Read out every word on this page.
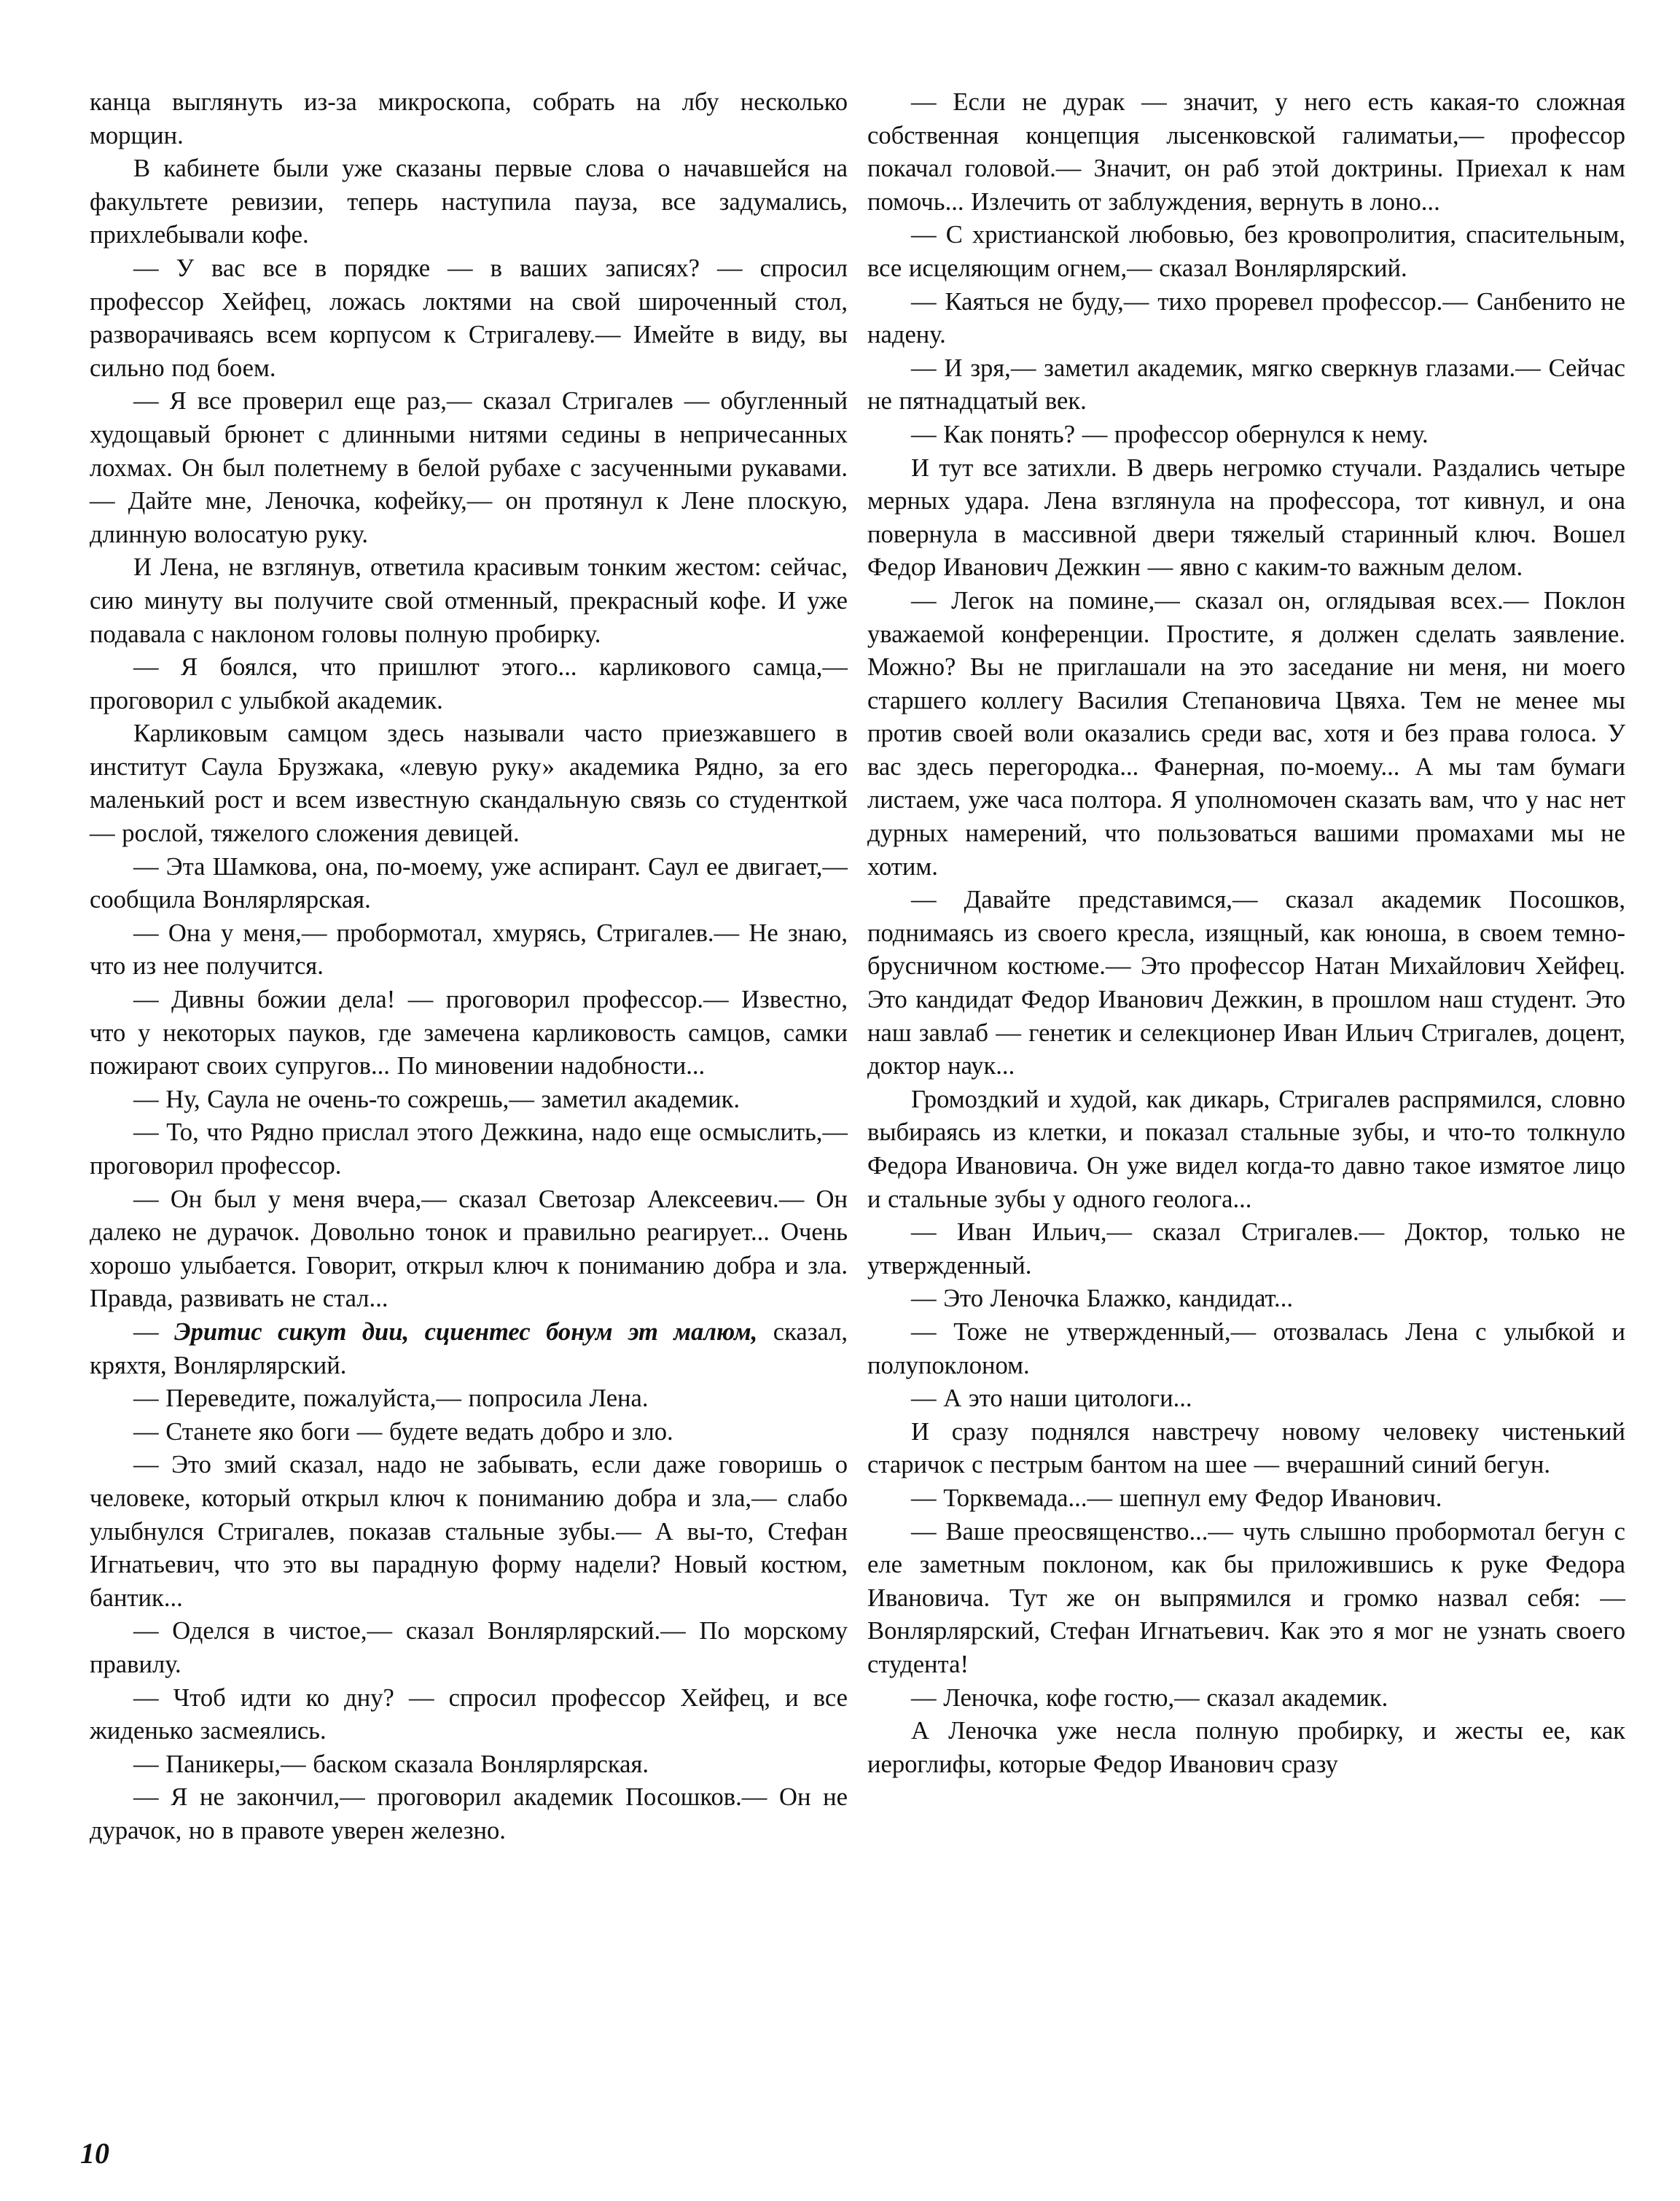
канца выглянуть из-за микроскопа, собрать на лбу несколько морщин.

В кабинете были уже сказаны первые слова о начавшейся на факультете ревизии, теперь наступила пауза, все задумались, прихлебывали кофе.

— У вас все в порядке — в ваших записях? — спросил профессор Хейфец, ложась локтями на свой широченный стол, разворачиваясь всем корпусом к Стригалеву.— Имейте в виду, вы сильно под боем.

— Я все проверил еще раз,— сказал Стригалев — обугленный худощавый брюнет с длинными нитями седины в непричесанных лохмах. Он был полетнему в белой рубахе с засученными рукавами.— Дайте мне, Леночка, кофейку,— он протянул к Лене плоскую, длинную волосатую руку.

И Лена, не взглянув, ответила красивым тонким жестом: сейчас, сию минуту вы получите свой отменный, прекрасный кофе. И уже подавала с наклоном головы полную пробирку.

— Я боялся, что пришлют этого... карликового самца,— проговорил с улыбкой академик.

Карликовым самцом здесь называли часто приезжавшего в институт Саула Брузжака, «левую руку» академика Рядно, за его маленький рост и всем известную скандальную связь со студенткой — рослой, тяжелого сложения девицей.

— Эта Шамкова, она, по-моему, уже аспирант. Саул ее двигает,— сообщила Вонлярлярская.

— Она у меня,— пробормотал, хмурясь, Стригалев.— Не знаю, что из нее получится.

— Дивны божии дела! — проговорил профессор.— Известно, что у некоторых пауков, где замечена карликовость самцов, самки пожирают своих супругов... По миновении надобности...

— Ну, Саула не очень-то сожрешь,— заметил академик.

— То, что Рядно прислал этого Дежкина, надо еще осмыслить,— проговорил профессор.

— Он был у меня вчера,— сказал Светозар Алексеевич.— Он далеко не дурачок. Довольно тонок и правильно реагирует... Очень хорошо улыбается. Говорит, открыл ключ к пониманию добра и зла. Правда, развивать не стал...

— Эритис сикут дии, сциентес бонум эт малюм, сказал, кряхтя, Вонлярлярский.

— Переведите, пожалуйста,— попросила Лена.

— Станете яко боги — будете ведать добро и зло.

— Это змий сказал, надо не забывать, если даже говоришь о человеке, который открыл ключ к пониманию добра и зла,— слабо улыбнулся Стригалев, показав стальные зубы.— А вы-то, Стефан Игнатьевич, что это вы парадную форму надели? Новый костюм, бантик...

— Оделся в чистое,— сказал Вонлярлярский.— По морскому правилу.

— Чтоб идти ко дну? — спросил профессор Хейфец, и все жиденько засмеялись.

— Паникеры,— баском сказала Вонлярлярская.

— Я не закончил,— проговорил академик Посошков.— Он не дурачок, но в правоте уверен железно.

— Если не дурак — значит, у него есть какая-то сложная собственная концепция лысенковской галиматьи,— профессор покачал головой.— Значит, он раб этой доктрины. Приехал к нам помочь... Излечить от заблуждения, вернуть в лоно...

— С христианской любовью, без кровопролития, спасительным, все исцеляющим огнем,— сказал Вонлярлярский.

— Каяться не буду,— тихо проревел профессор.— Санбенито не надену.

— И зря,— заметил академик, мягко сверкнув глазами.— Сейчас не пятнадцатый век.

— Как понять? — профессор обернулся к нему.

И тут все затихли. В дверь негромко стучали. Раздались четыре мерных удара. Лена взглянула на профессора, тот кивнул, и она повернула в массивной двери тяжелый старинный ключ. Вошел Федор Иванович Дежкин — явно с каким-то важным делом.

— Легок на помине,— сказал он, оглядывая всех.— Поклон уважаемой конференции. Простите, я должен сделать заявление. Можно? Вы не приглашали на это заседание ни меня, ни моего старшего коллегу Василия Степановича Цвяха. Тем не менее мы против своей воли оказались среди вас, хотя и без права голоса. У вас здесь перегородка... Фанерная, по-моему... А мы там бумаги листаем, уже часа полтора. Я уполномочен сказать вам, что у нас нет дурных намерений, что пользоваться вашими промахами мы не хотим.

— Давайте представимся,— сказал академик Посошков, поднимаясь из своего кресла, изящный, как юноша, в своем темно-брусничном костюме.— Это профессор Натан Михайлович Хейфец. Это кандидат Федор Иванович Дежкин, в прошлом наш студент. Это наш завлаб — генетик и селекционер Иван Ильич Стригалев, доцент, доктор наук...

Громоздкий и худой, как дикарь, Стригалев распрямился, словно выбираясь из клетки, и показал стальные зубы, и что-то толкнуло Федора Ивановича. Он уже видел когда-то давно такое измятое лицо и стальные зубы у одного геолога...

— Иван Ильич,— сказал Стригалев.— Доктор, только не утвержденный.

— Это Леночка Блажко, кандидат...

— Тоже не утвержденный,— отозвалась Лена с улыбкой и полупоклоном.

— А это наши цитологи...

И сразу поднялся навстречу новому человеку чистенький старичок с пестрым бантом на шее — вчерашний синий бегун.

— Торквемада...— шепнул ему Федор Иванович.

— Ваше преосвященство...— чуть слышно пробормотал бегун с еле заметным поклоном, как бы приложившись к руке Федора Ивановича. Тут же он выпрямился и громко назвал себя: — Вонлярлярский, Стефан Игнатьевич. Как это я мог не узнать своего студента!

— Леночка, кофе гостю,— сказал академик.

А Леночка уже несла полную пробирку, и жесты ее, как иероглифы, которые Федор Иванович сразу

10
